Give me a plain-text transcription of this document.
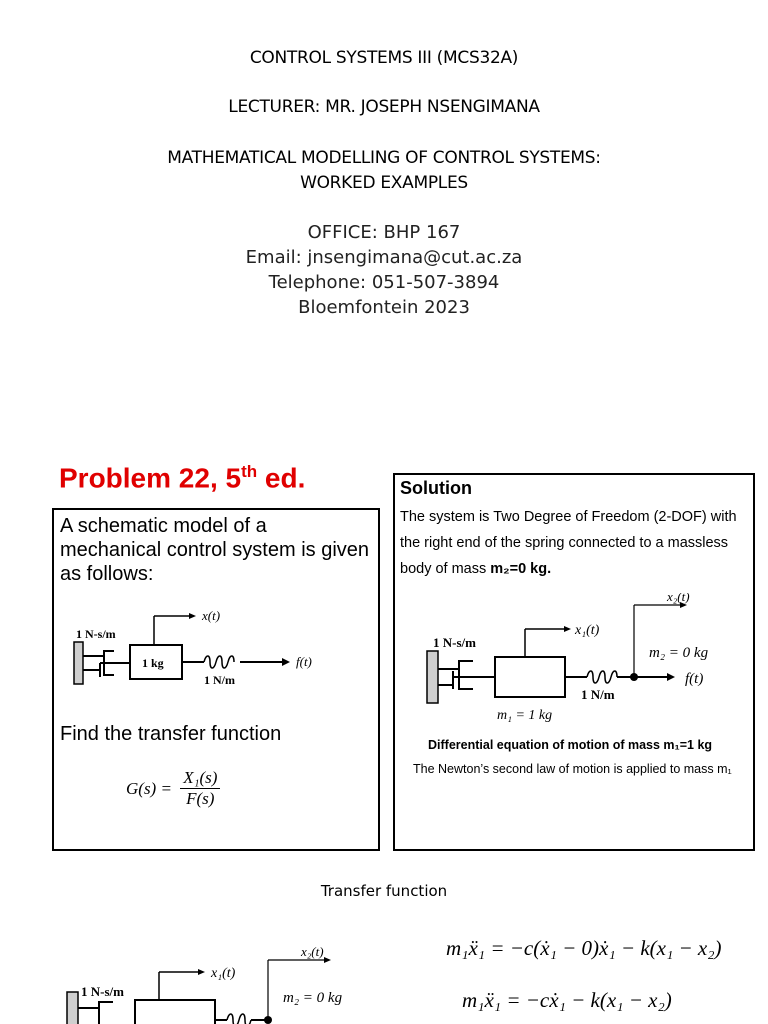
CONTROL SYSTEMS III (MCS32A)
LECTURER: MR. JOSEPH NSENGIMANA
MATHEMATICAL MODELLING OF CONTROL SYSTEMS:
WORKED EXAMPLES
OFFICE: BHP 167
Email: jnsengimana@cut.ac.za
Telephone: 051-507-3894
Bloemfontein 2023
Problem 22, 5th ed.
A schematic model of a mechanical control system is given as follows:
1 N-s/m
1 kg
x(t)
1 N/m
f(t)
Find the transfer function
$G(s) = \frac{\text{X₁(s)}}{F(s)}$
Solution
The system is Two Degree of Freedom (2-DOF) with the right end of the spring connected to a massless body of mass m₂=0 kg.
1 N-s/m
m₁ = 1 kg
x₁(t)
1 N/m
x₂(t)
m₂ = 0 kg
f(t)
Differential equation of motion of mass m₁=1 kg
The Newton’s second law of motion is applied to mass m₁
Transfer function
1 N-s/m
x₁(t)
x₂(t)
m₂ = 0 kg
m₁ẍ₁ = −c(ẋ₁ − 0)ẋ₁ − k(x₁ − x₂)
m₁ẍ₁ = −cẋ₁ − k(x₁ − x₂)
